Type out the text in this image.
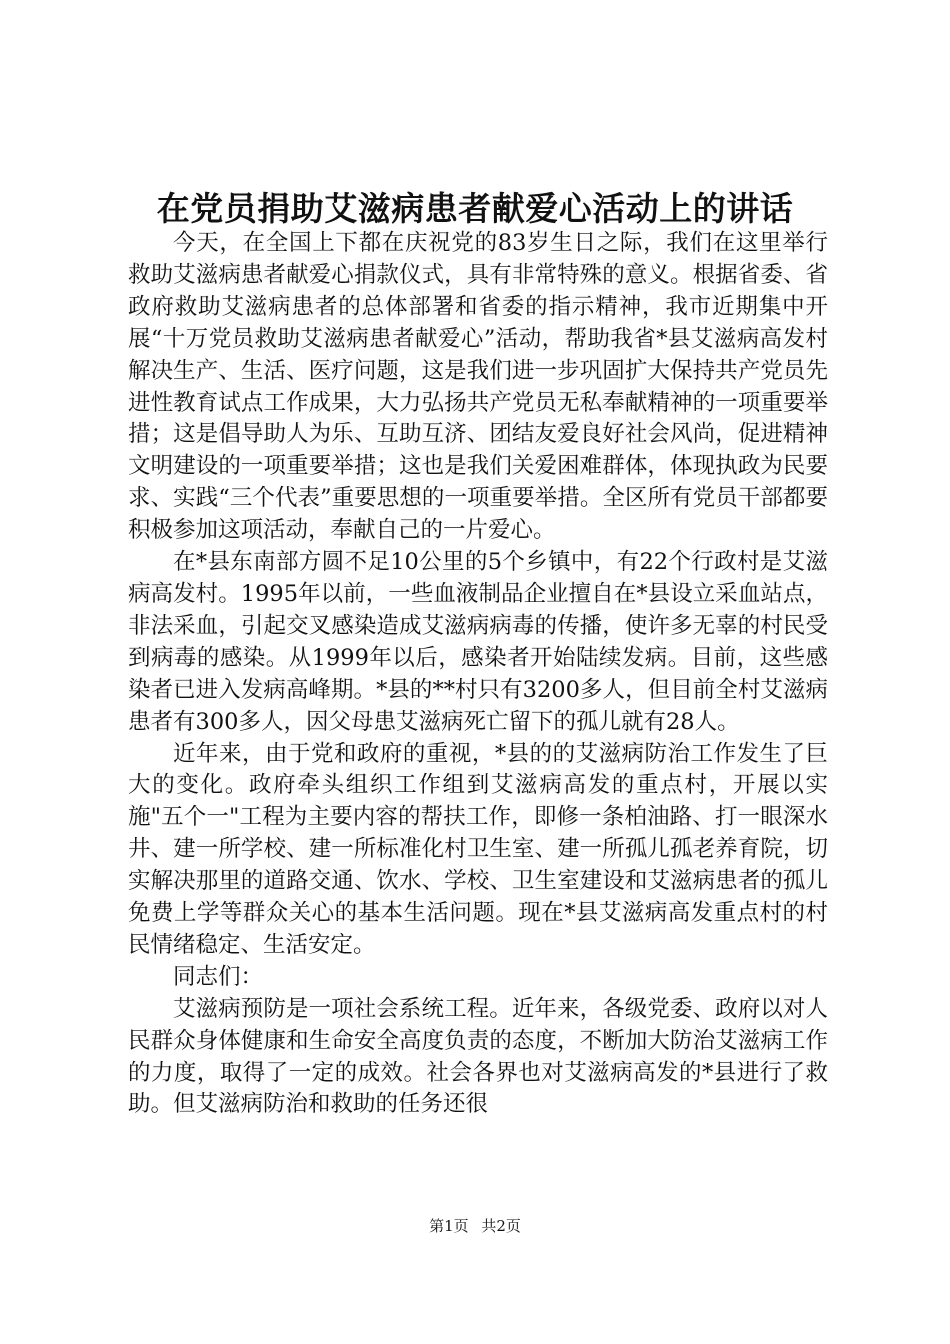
在党员捐助艾滋病患者献爱心活动上的讲话

今天，在全国上下都在庆祝党的83岁生日之际，我们在这里举行救助艾滋病患者献爱心捐款仪式，具有非常特殊的意义。根据省委、省政府救助艾滋病患者的总体部署和省委的指示精神，我市近期集中开展“十万党员救助艾滋病患者献爱心”活动，帮助我省*县艾滋病高发村解决生产、生活、医疗问题，这是我们进一步巩固扩大保持共产党员先进性教育试点工作成果，大力弘扬共产党员无私奉献精神的一项重要举措；这是倡导助人为乐、互助互济、团结友爱良好社会风尚，促进精神文明建设的一项重要举措；这也是我们关爱困难群体，体现执政为民要求、实践“三个代表”重要思想的一项重要举措。全区所有党员干部都要积极参加这项活动，奉献自己的一片爱心。

在*县东南部方圆不足10公里的5个乡镇中，有22个行政村是艾滋病高发村。1995年以前，一些血液制品企业擅自在*县设立采血站点，非法采血，引起交叉感染造成艾滋病病毒的传播，使许多无辜的村民受到病毒的感染。从1999年以后，感染者开始陆续发病。目前，这些感染者已进入发病高峰期。*县的**村只有3200多人，但目前全村艾滋病患者有300多人，因父母患艾滋病死亡留下的孤儿就有28人。

近年来，由于党和政府的重视，*县的的艾滋病防治工作发生了巨大的变化。政府牵头组织工作组到艾滋病高发的重点村，开展以实施"五个一"工程为主要内容的帮扶工作，即修一条柏油路、打一眼深水井、建一所学校、建一所标准化村卫生室、建一所孤儿孤老养育院，切实解决那里的道路交通、饮水、学校、卫生室建设和艾滋病患者的孤儿免费上学等群众关心的基本生活问题。现在*县艾滋病高发重点村的村民情绪稳定、生活安定。

同志们：

艾滋病预防是一项社会系统工程。近年来，各级党委、政府以对人民群众身体健康和生命安全高度负责的态度，不断加大防治艾滋病工作的力度，取得了一定的成效。社会各界也对艾滋病高发的*县进行了救助。但艾滋病防治和救助的任务还很

第1页 共2页
